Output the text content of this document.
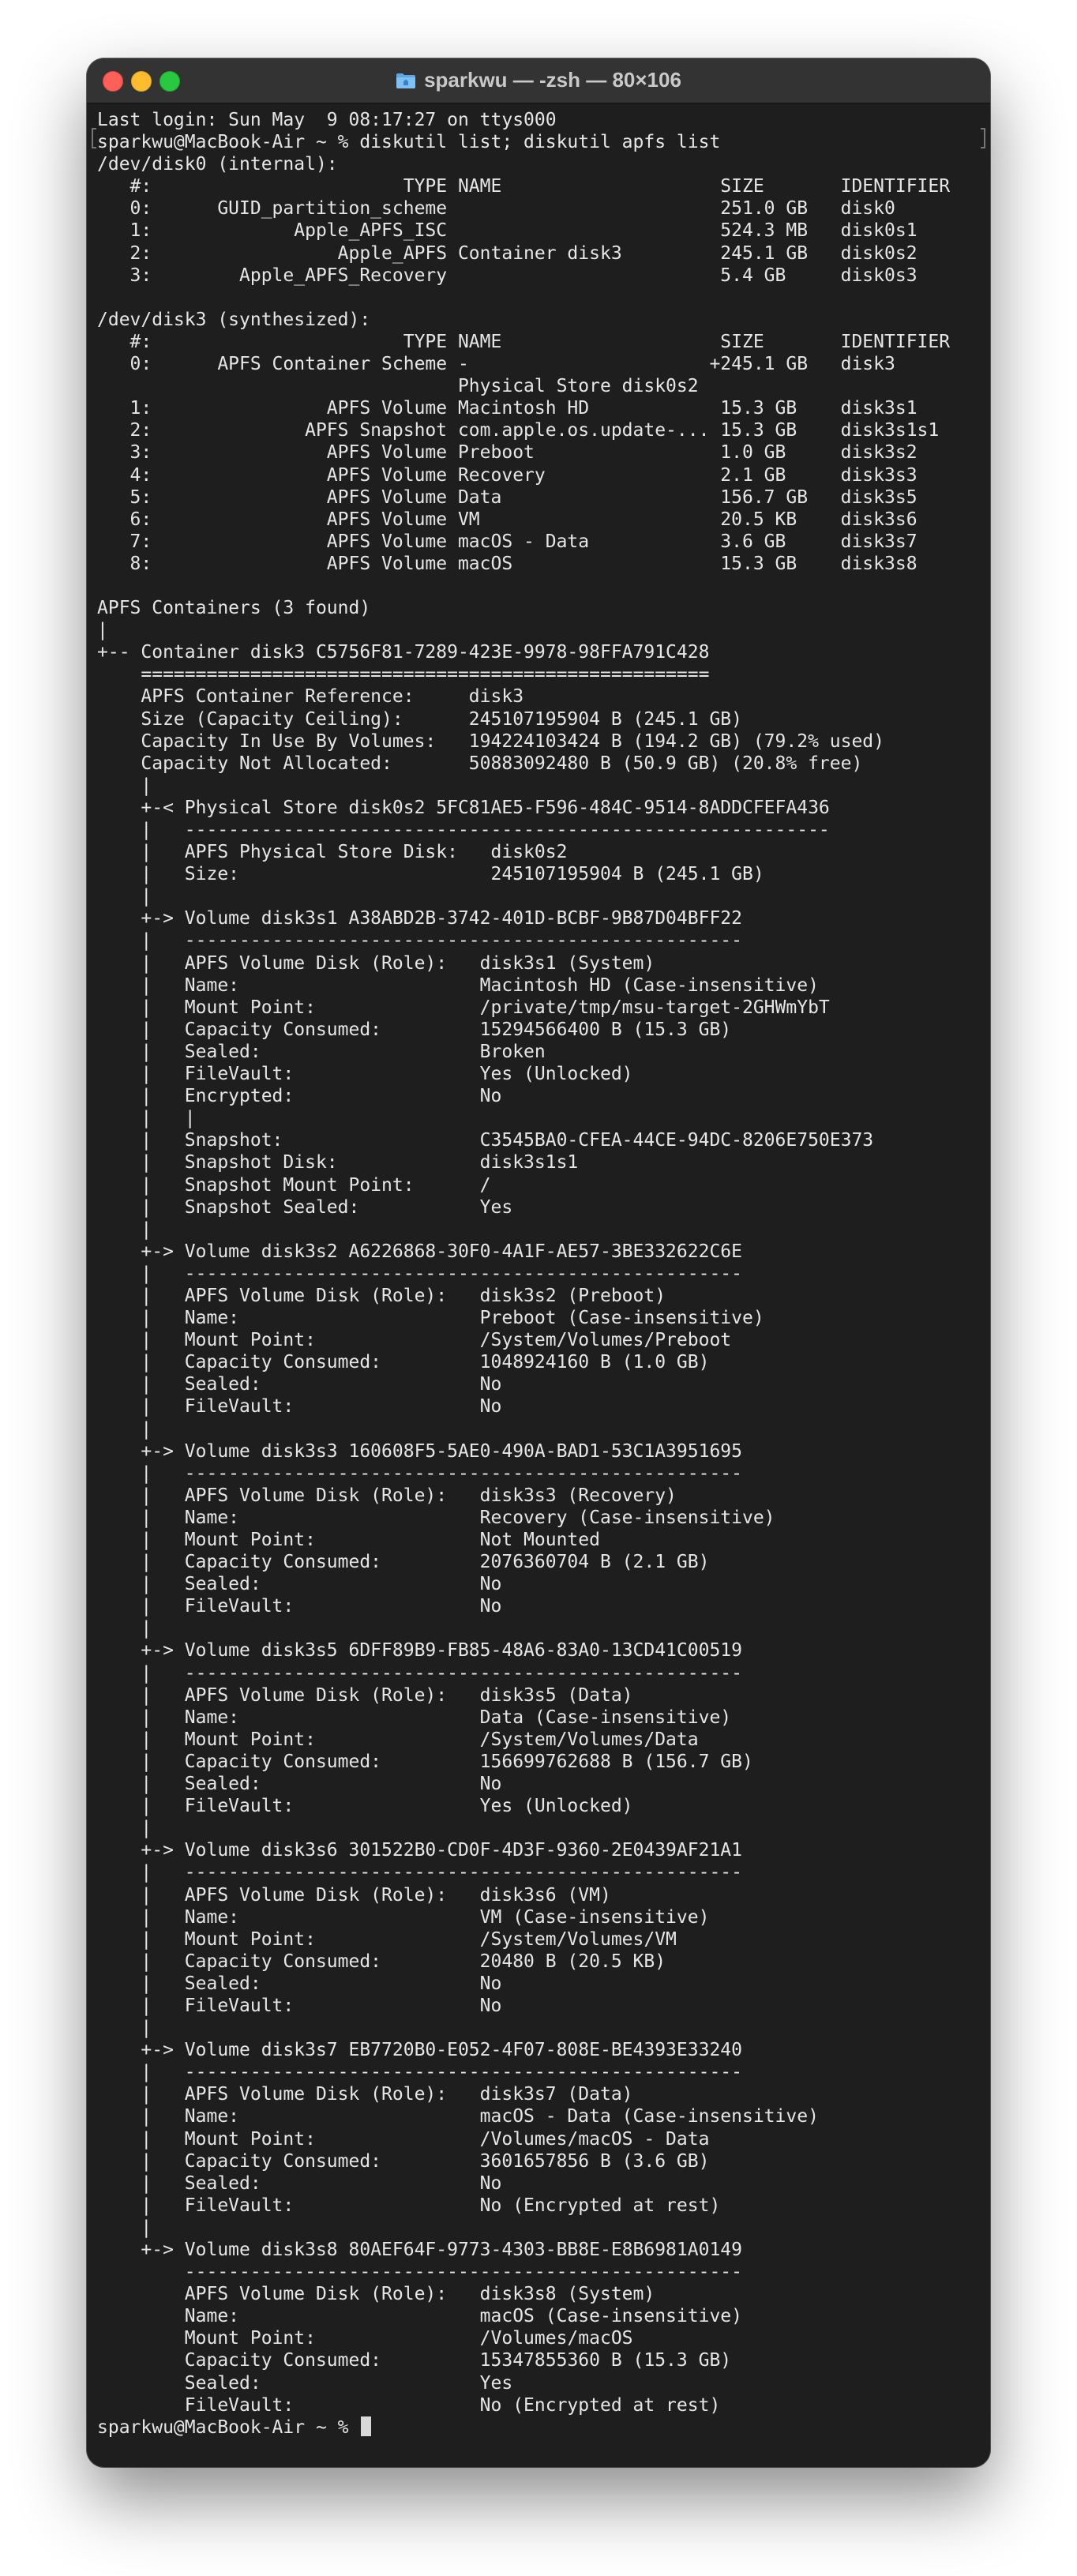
sparkwu — -zsh — 80×106
Last login: Sun May  9 08:17:27 on ttys000
sparkwu@MacBook-Air ~ % diskutil list; diskutil apfs list
/dev/disk0 (internal):
#:                       TYPE NAME                    SIZE       IDENTIFIER
0:      GUID_partition_scheme                         251.0 GB   disk0
1:             Apple_APFS_ISC                         524.3 MB   disk0s1
2:                 Apple_APFS Container disk3         245.1 GB   disk0s2
3:        Apple_APFS_Recovery                         5.4 GB     disk0s3
/dev/disk3 (synthesized):
#:                       TYPE NAME                    SIZE       IDENTIFIER
0:      APFS Container Scheme -                      +245.1 GB   disk3
Physical Store disk0s2
1:                APFS Volume Macintosh HD            15.3 GB    disk3s1
2:              APFS Snapshot com.apple.os.update-... 15.3 GB    disk3s1s1
3:                APFS Volume Preboot                 1.0 GB     disk3s2
4:                APFS Volume Recovery                2.1 GB     disk3s3
5:                APFS Volume Data                    156.7 GB   disk3s5
6:                APFS Volume VM                      20.5 KB    disk3s6
7:                APFS Volume macOS - Data            3.6 GB     disk3s7
8:                APFS Volume macOS                   15.3 GB    disk3s8
APFS Containers (3 found)
|
+-- Container disk3 C5756F81-7289-423E-9978-98FFA791C428
====================================================
APFS Container Reference:     disk3
Size (Capacity Ceiling):      245107195904 B (245.1 GB)
Capacity In Use By Volumes:   194224103424 B (194.2 GB) (79.2% used)
Capacity Not Allocated:       50883092480 B (50.9 GB) (20.8% free)
|
+-< Physical Store disk0s2 5FC81AE5-F596-484C-9514-8ADDCFEFA436
|   -----------------------------------------------------------
|   APFS Physical Store Disk:   disk0s2
|   Size:                       245107195904 B (245.1 GB)
|
+-> Volume disk3s1 A38ABD2B-3742-401D-BCBF-9B87D04BFF22
|   ---------------------------------------------------
|   APFS Volume Disk (Role):   disk3s1 (System)
|   Name:                      Macintosh HD (Case-insensitive)
|   Mount Point:               /private/tmp/msu-target-2GHWmYbT
|   Capacity Consumed:         15294566400 B (15.3 GB)
|   Sealed:                    Broken
|   FileVault:                 Yes (Unlocked)
|   Encrypted:                 No
|   |
|   Snapshot:                  C3545BA0-CFEA-44CE-94DC-8206E750E373
|   Snapshot Disk:             disk3s1s1
|   Snapshot Mount Point:      /
|   Snapshot Sealed:           Yes
|
+-> Volume disk3s2 A6226868-30F0-4A1F-AE57-3BE332622C6E
|   ---------------------------------------------------
|   APFS Volume Disk (Role):   disk3s2 (Preboot)
|   Name:                      Preboot (Case-insensitive)
|   Mount Point:               /System/Volumes/Preboot
|   Capacity Consumed:         1048924160 B (1.0 GB)
|   Sealed:                    No
|   FileVault:                 No
|
+-> Volume disk3s3 160608F5-5AE0-490A-BAD1-53C1A3951695
|   ---------------------------------------------------
|   APFS Volume Disk (Role):   disk3s3 (Recovery)
|   Name:                      Recovery (Case-insensitive)
|   Mount Point:               Not Mounted
|   Capacity Consumed:         2076360704 B (2.1 GB)
|   Sealed:                    No
|   FileVault:                 No
|
+-> Volume disk3s5 6DFF89B9-FB85-48A6-83A0-13CD41C00519
|   ---------------------------------------------------
|   APFS Volume Disk (Role):   disk3s5 (Data)
|   Name:                      Data (Case-insensitive)
|   Mount Point:               /System/Volumes/Data
|   Capacity Consumed:         156699762688 B (156.7 GB)
|   Sealed:                    No
|   FileVault:                 Yes (Unlocked)
|
+-> Volume disk3s6 301522B0-CD0F-4D3F-9360-2E0439AF21A1
|   ---------------------------------------------------
|   APFS Volume Disk (Role):   disk3s6 (VM)
|   Name:                      VM (Case-insensitive)
|   Mount Point:               /System/Volumes/VM
|   Capacity Consumed:         20480 B (20.5 KB)
|   Sealed:                    No
|   FileVault:                 No
|
+-> Volume disk3s7 EB7720B0-E052-4F07-808E-BE4393E33240
|   ---------------------------------------------------
|   APFS Volume Disk (Role):   disk3s7 (Data)
|   Name:                      macOS - Data (Case-insensitive)
|   Mount Point:               /Volumes/macOS - Data
|   Capacity Consumed:         3601657856 B (3.6 GB)
|   Sealed:                    No
|   FileVault:                 No (Encrypted at rest)
|
+-> Volume disk3s8 80AEF64F-9773-4303-BB8E-E8B6981A0149
---------------------------------------------------
APFS Volume Disk (Role):   disk3s8 (System)
Name:                      macOS (Case-insensitive)
Mount Point:               /Volumes/macOS
Capacity Consumed:         15347855360 B (15.3 GB)
Sealed:                    Yes
FileVault:                 No (Encrypted at rest)
sparkwu@MacBook-Air ~ %
